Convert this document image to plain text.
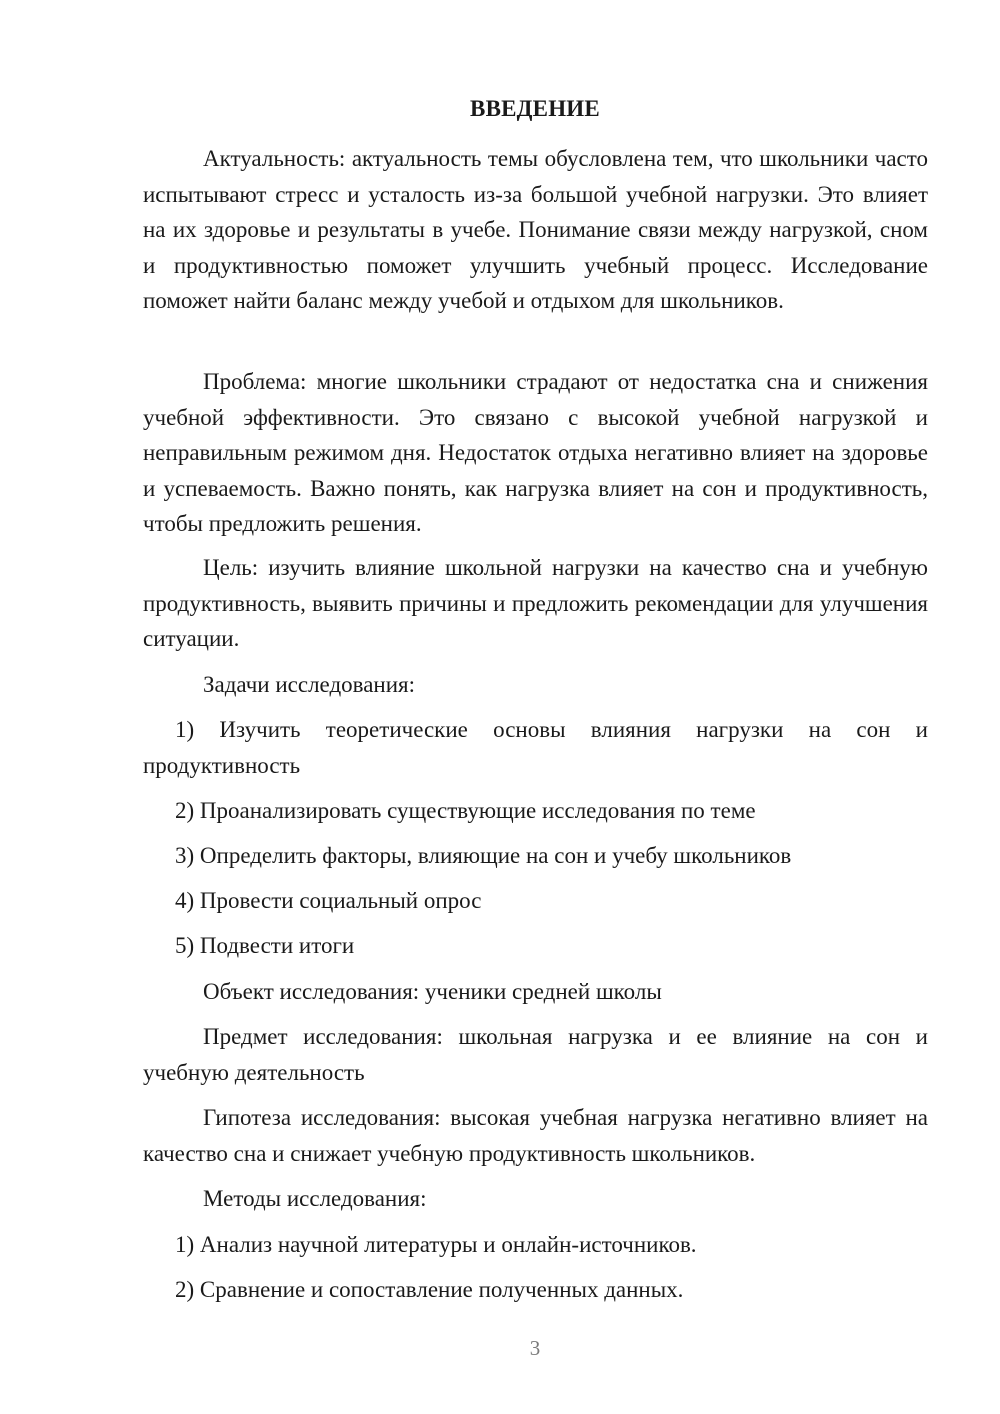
ВВЕДЕНИЕ

Актуальность: актуальность темы обусловлена тем, что школьники часто испытывают стресс и усталость из-за большой учебной нагрузки. Это влияет на их здоровье и результаты в учебе. Понимание связи между нагрузкой, сном и продуктивностью поможет улучшить учебный процесс. Исследование поможет найти баланс между учебой и отдыхом для школьников.

Проблема: многие школьники страдают от недостатка сна и снижения учебной эффективности. Это связано с высокой учебной нагрузкой и неправильным режимом дня. Недостаток отдыха негативно влияет на здоровье и успеваемость. Важно понять, как нагрузка влияет на сон и продуктивность, чтобы предложить решения.

Цель: изучить влияние школьной нагрузки на качество сна и учебную продуктивность, выявить причины и предложить рекомендации для улучшения ситуации.

Задачи исследования:

1) Изучить теоретические основы влияния нагрузки на сон и продуктивность

2) Проанализировать существующие исследования по теме

3) Определить факторы, влияющие на сон и учебу школьников

4) Провести социальный опрос

5) Подвести итоги

Объект исследования: ученики средней школы

Предмет исследования: школьная нагрузка и ее влияние на сон и учебную деятельность

Гипотеза исследования: высокая учебная нагрузка негативно влияет на качество сна и снижает учебную продуктивность школьников.

Методы исследования:

1) Анализ научной литературы и онлайн-источников.

2) Сравнение и сопоставление полученных данных.

3
